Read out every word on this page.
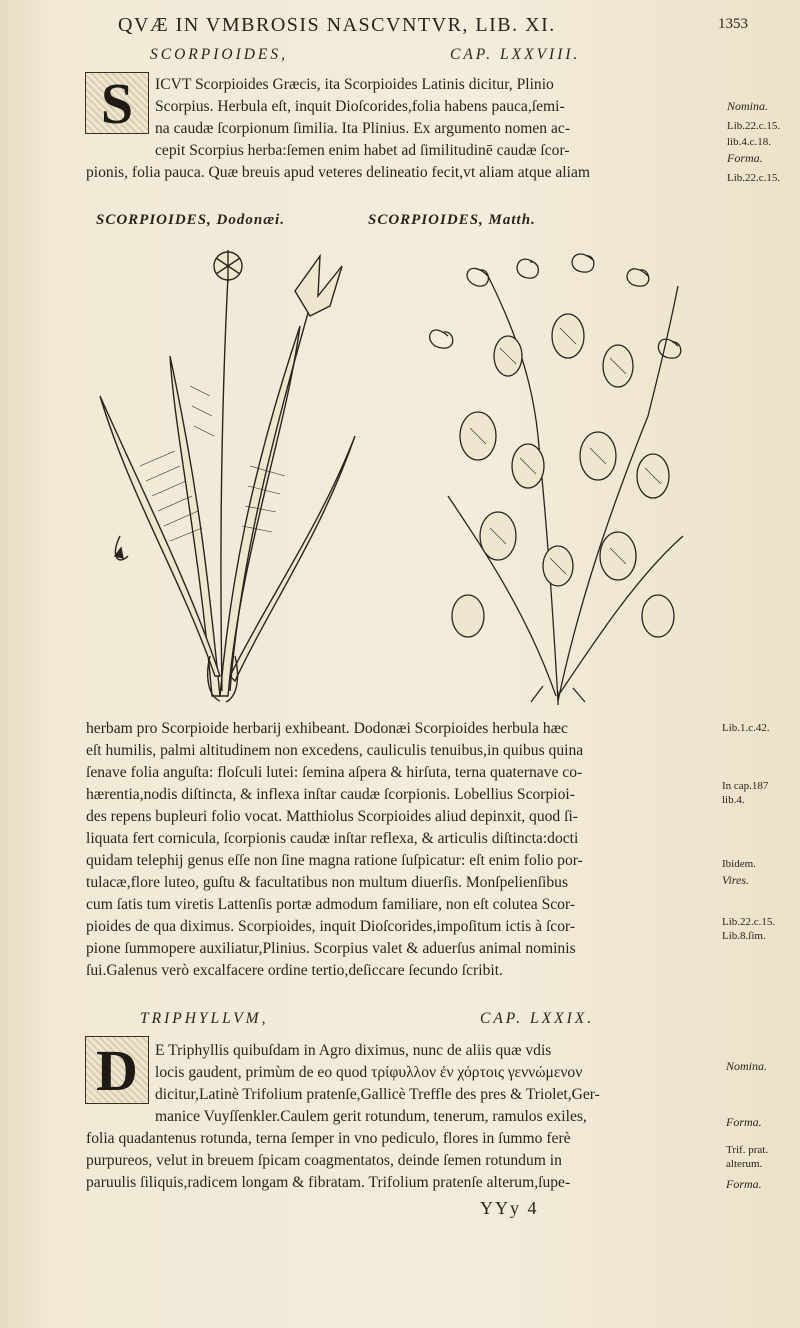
QVÆ IN VMBROSIS NASCVNTVR, LIB. XI.	1353
SCORPIOIDES,	CAP. LXXVIII.
S ICVT Scorpioides Græcis, ita Scorpioides Latinis dicitur, Plinio
Scorpius. Herbula eſt, inquit Dioſcorides,folia habens pauca,ſemi-
na caudæ ſcorpionum ſimilia. Ita Plinius. Ex argumento nomen ac-
cepit Scorpius herba:ſemen enim habet ad ſimilitudinē caudæ ſcor-
pionis, folia pauca. Quæ breuis apud veteres delineatio fecit,vt aliam atque aliam
Nomina.
Lib.22.c.15.
lib.4.c.18.
Forma.
Lib.22.c.15.
SCORPIOIDES, Dodonæi.	SCORPIOIDES, Matth.
herbam pro Scorpioide herbarij exhibeant. Dodonæi Scorpioides herbula hæc
eſt humilis, palmi altitudinem non excedens, cauliculis tenuibus,in quibus quina
ſenave folia anguſta: floſculi lutei: ſemina aſpera & hirſuta, terna quaternave co-
hærentia,nodis diſtincta, & inflexa inſtar caudæ ſcorpionis. Lobellius Scorpioi-
des repens bupleuri folio vocat. Matthiolus Scorpioides aliud depinxit, quod ſi-
liquata fert cornicula, ſcorpionis caudæ inſtar reflexa, & articulis diſtincta:docti
quidam telephij genus eſſe non ſine magna ratione ſuſpicatur: eſt enim folio por-
tulacæ,flore luteo, guſtu & facultatibus non multum diuerſis. Monſpelienſibus
cum ſatis tum viretis Lattenſis portæ admodum familiare, non eſt colutea Scor-
pioides de qua diximus. Scorpioides, inquit Dioſcorides,impoſitum ictis à ſcor-
pione ſummopere auxiliatur,Plinius. Scorpius valet & aduerſus animal nominis
ſui.Galenus verò excalfacere ordine tertio,deſiccare ſecundo ſcribit.
Lib.1.c.42.
In cap.187
lib.4.
Ibidem.
Vires.
Lib.22.c.15.
Lib.8.ſim.
TRIPHYLLVM,	CAP. LXXIX.
D E Triphyllis quibuſdam in Agro diximus, nunc de aliis quæ vdis
locis gaudent, primùm de eo quod τρίφυλλον ἐν χόρτοις γεννώμενον
dicitur,Latinè Trifolium pratenſe,Gallicè Treffle des pres & Triolet,Ger-
manice Vuyſſenkler.Caulem gerit rotundum, tenerum, ramulos exiles,
folia quadantenus rotunda, terna ſemper in vno pediculo, flores in ſummo ferè
purpureos, velut in breuem ſpicam coagmentatos, deinde ſemen rotundum in
paruulis ſiliquis,radicem longam & fibratam. Trifolium pratenſe alterum,ſupe-
Nomina.
Forma.
Trif. prat.
alterum.
Forma.
YYy 4
